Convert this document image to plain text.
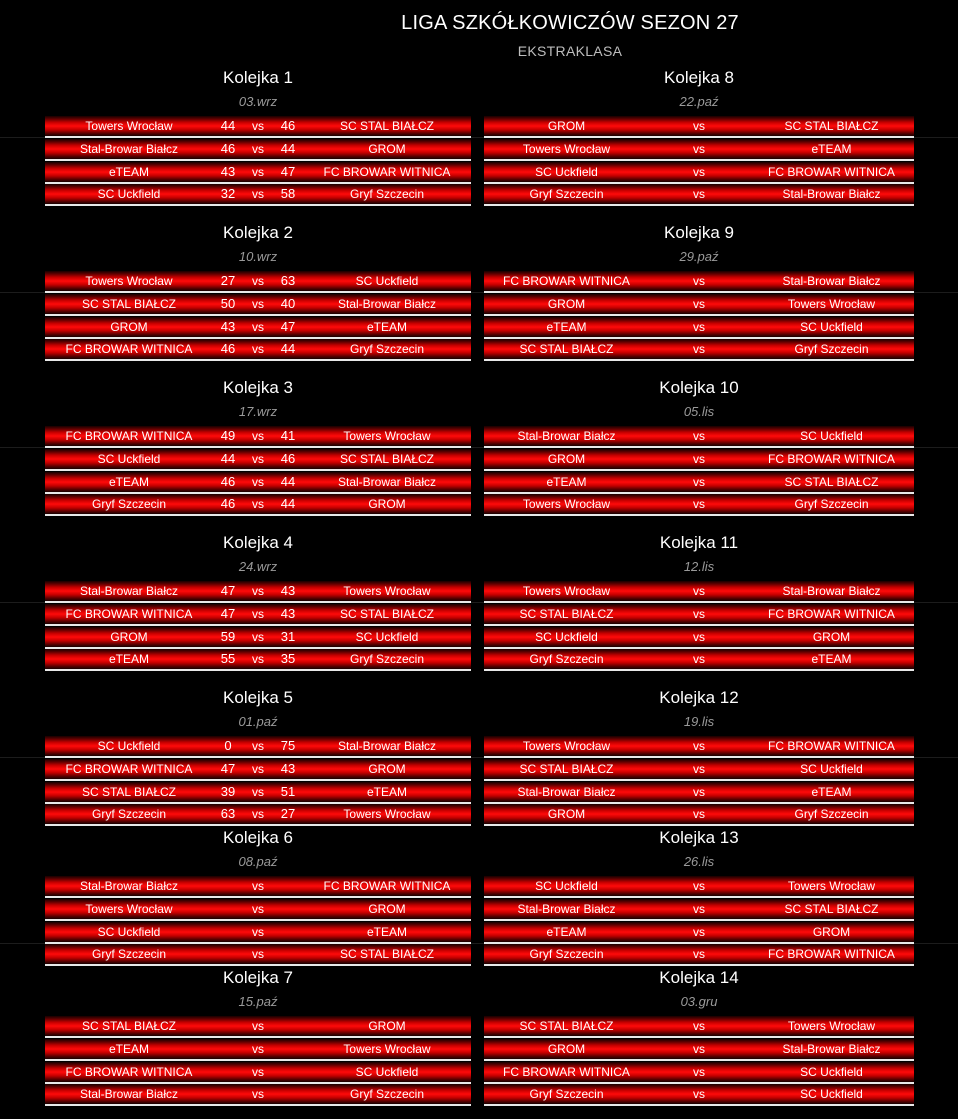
LIGA SZKÓŁKOWICZÓW SEZON 27
EKSTRAKLASA
Kolejka 1
03.wrz
Towers Wrocław	44	vs	46	SC STAL BIAŁCZ
Stal-Browar Białcz	46	vs	44	GROM
eTEAM	43	vs	47	FC BROWAR WITNICA
SC Uckfield	32	vs	58	Gryf Szczecin
Kolejka 2
10.wrz
Towers Wrocław	27	vs	63	SC Uckfield
SC STAL BIAŁCZ	50	vs	40	Stal-Browar Białcz
GROM	43	vs	47	eTEAM
FC BROWAR WITNICA	46	vs	44	Gryf Szczecin
Kolejka 3
17.wrz
FC BROWAR WITNICA	49	vs	41	Towers Wrocław
SC Uckfield	44	vs	46	SC STAL BIAŁCZ
eTEAM	46	vs	44	Stal-Browar Białcz
Gryf Szczecin	46	vs	44	GROM
Kolejka 4
24.wrz
Stal-Browar Białcz	47	vs	43	Towers Wrocław
FC BROWAR WITNICA	47	vs	43	SC STAL BIAŁCZ
GROM	59	vs	31	SC Uckfield
eTEAM	55	vs	35	Gryf Szczecin
Kolejka 5
01.paź
SC Uckfield	0	vs	75	Stal-Browar Białcz
FC BROWAR WITNICA	47	vs	43	GROM
SC STAL BIAŁCZ	39	vs	51	eTEAM
Gryf Szczecin	63	vs	27	Towers Wrocław
Kolejka 6
08.paź
Stal-Browar Białcz	vs	FC BROWAR WITNICA
Towers Wrocław	vs	GROM
SC Uckfield	vs	eTEAM
Gryf Szczecin	vs	SC STAL BIAŁCZ
Kolejka 7
15.paź
SC STAL BIAŁCZ	vs	GROM
eTEAM	vs	Towers Wrocław
FC BROWAR WITNICA	vs	SC Uckfield
Stal-Browar Białcz	vs	Gryf Szczecin
Kolejka 8
22.paź
GROM	vs	SC STAL BIAŁCZ
Towers Wrocław	vs	eTEAM
SC Uckfield	vs	FC BROWAR WITNICA
Gryf Szczecin	vs	Stal-Browar Białcz
Kolejka 9
29.paź
FC BROWAR WITNICA	vs	Stal-Browar Białcz
GROM	vs	Towers Wrocław
eTEAM	vs	SC Uckfield
SC STAL BIAŁCZ	vs	Gryf Szczecin
Kolejka 10
05.lis
Stal-Browar Białcz	vs	SC Uckfield
GROM	vs	FC BROWAR WITNICA
eTEAM	vs	SC STAL BIAŁCZ
Towers Wrocław	vs	Gryf Szczecin
Kolejka 11
12.lis
Towers Wrocław	vs	Stal-Browar Białcz
SC STAL BIAŁCZ	vs	FC BROWAR WITNICA
SC Uckfield	vs	GROM
Gryf Szczecin	vs	eTEAM
Kolejka 12
19.lis
Towers Wrocław	vs	FC BROWAR WITNICA
SC STAL BIAŁCZ	vs	SC Uckfield
Stal-Browar Białcz	vs	eTEAM
GROM	vs	Gryf Szczecin
Kolejka 13
26.lis
SC Uckfield	vs	Towers Wrocław
Stal-Browar Białcz	vs	SC STAL BIAŁCZ
eTEAM	vs	GROM
Gryf Szczecin	vs	FC BROWAR WITNICA
Kolejka 14
03.gru
SC STAL BIAŁCZ	vs	Towers Wrocław
GROM	vs	Stal-Browar Białcz
FC BROWAR WITNICA	vs	SC Uckfield
Gryf Szczecin	vs	SC Uckfield
